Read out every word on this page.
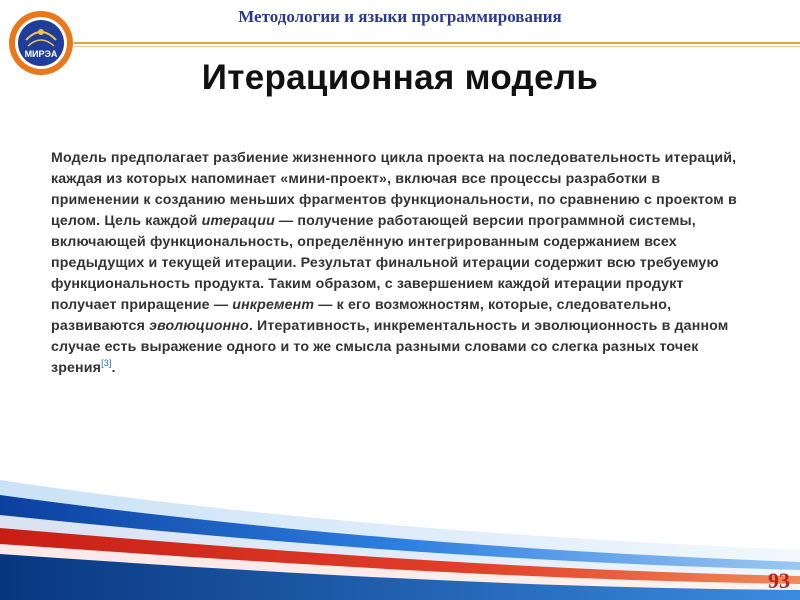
МИРЭА
Методологии и языки программирования
Итерационная модель
Модель предполагает разбиение жизненного цикла проекта на последовательность итераций, каждая из которых напоминает «мини-проект», включая все процессы разработки в применении к созданию меньших фрагментов функциональности, по сравнению с проектом в целом. Цель каждой итерации — получение работающей версии программной системы, включающей функциональность, определённую интегрированным содержанием всех предыдущих и текущей итерации. Результат финальной итерации содержит всю требуемую функциональность продукта. Таким образом, с завершением каждой итерации продукт получает приращение — инкремент — к его возможностям, которые, следовательно, развиваются эволюционно. Итеративность, инкрементальность и эволюционность в данном случае есть выражение одного и то же смысла разными словами со слегка разных точек зрения[3].
93
